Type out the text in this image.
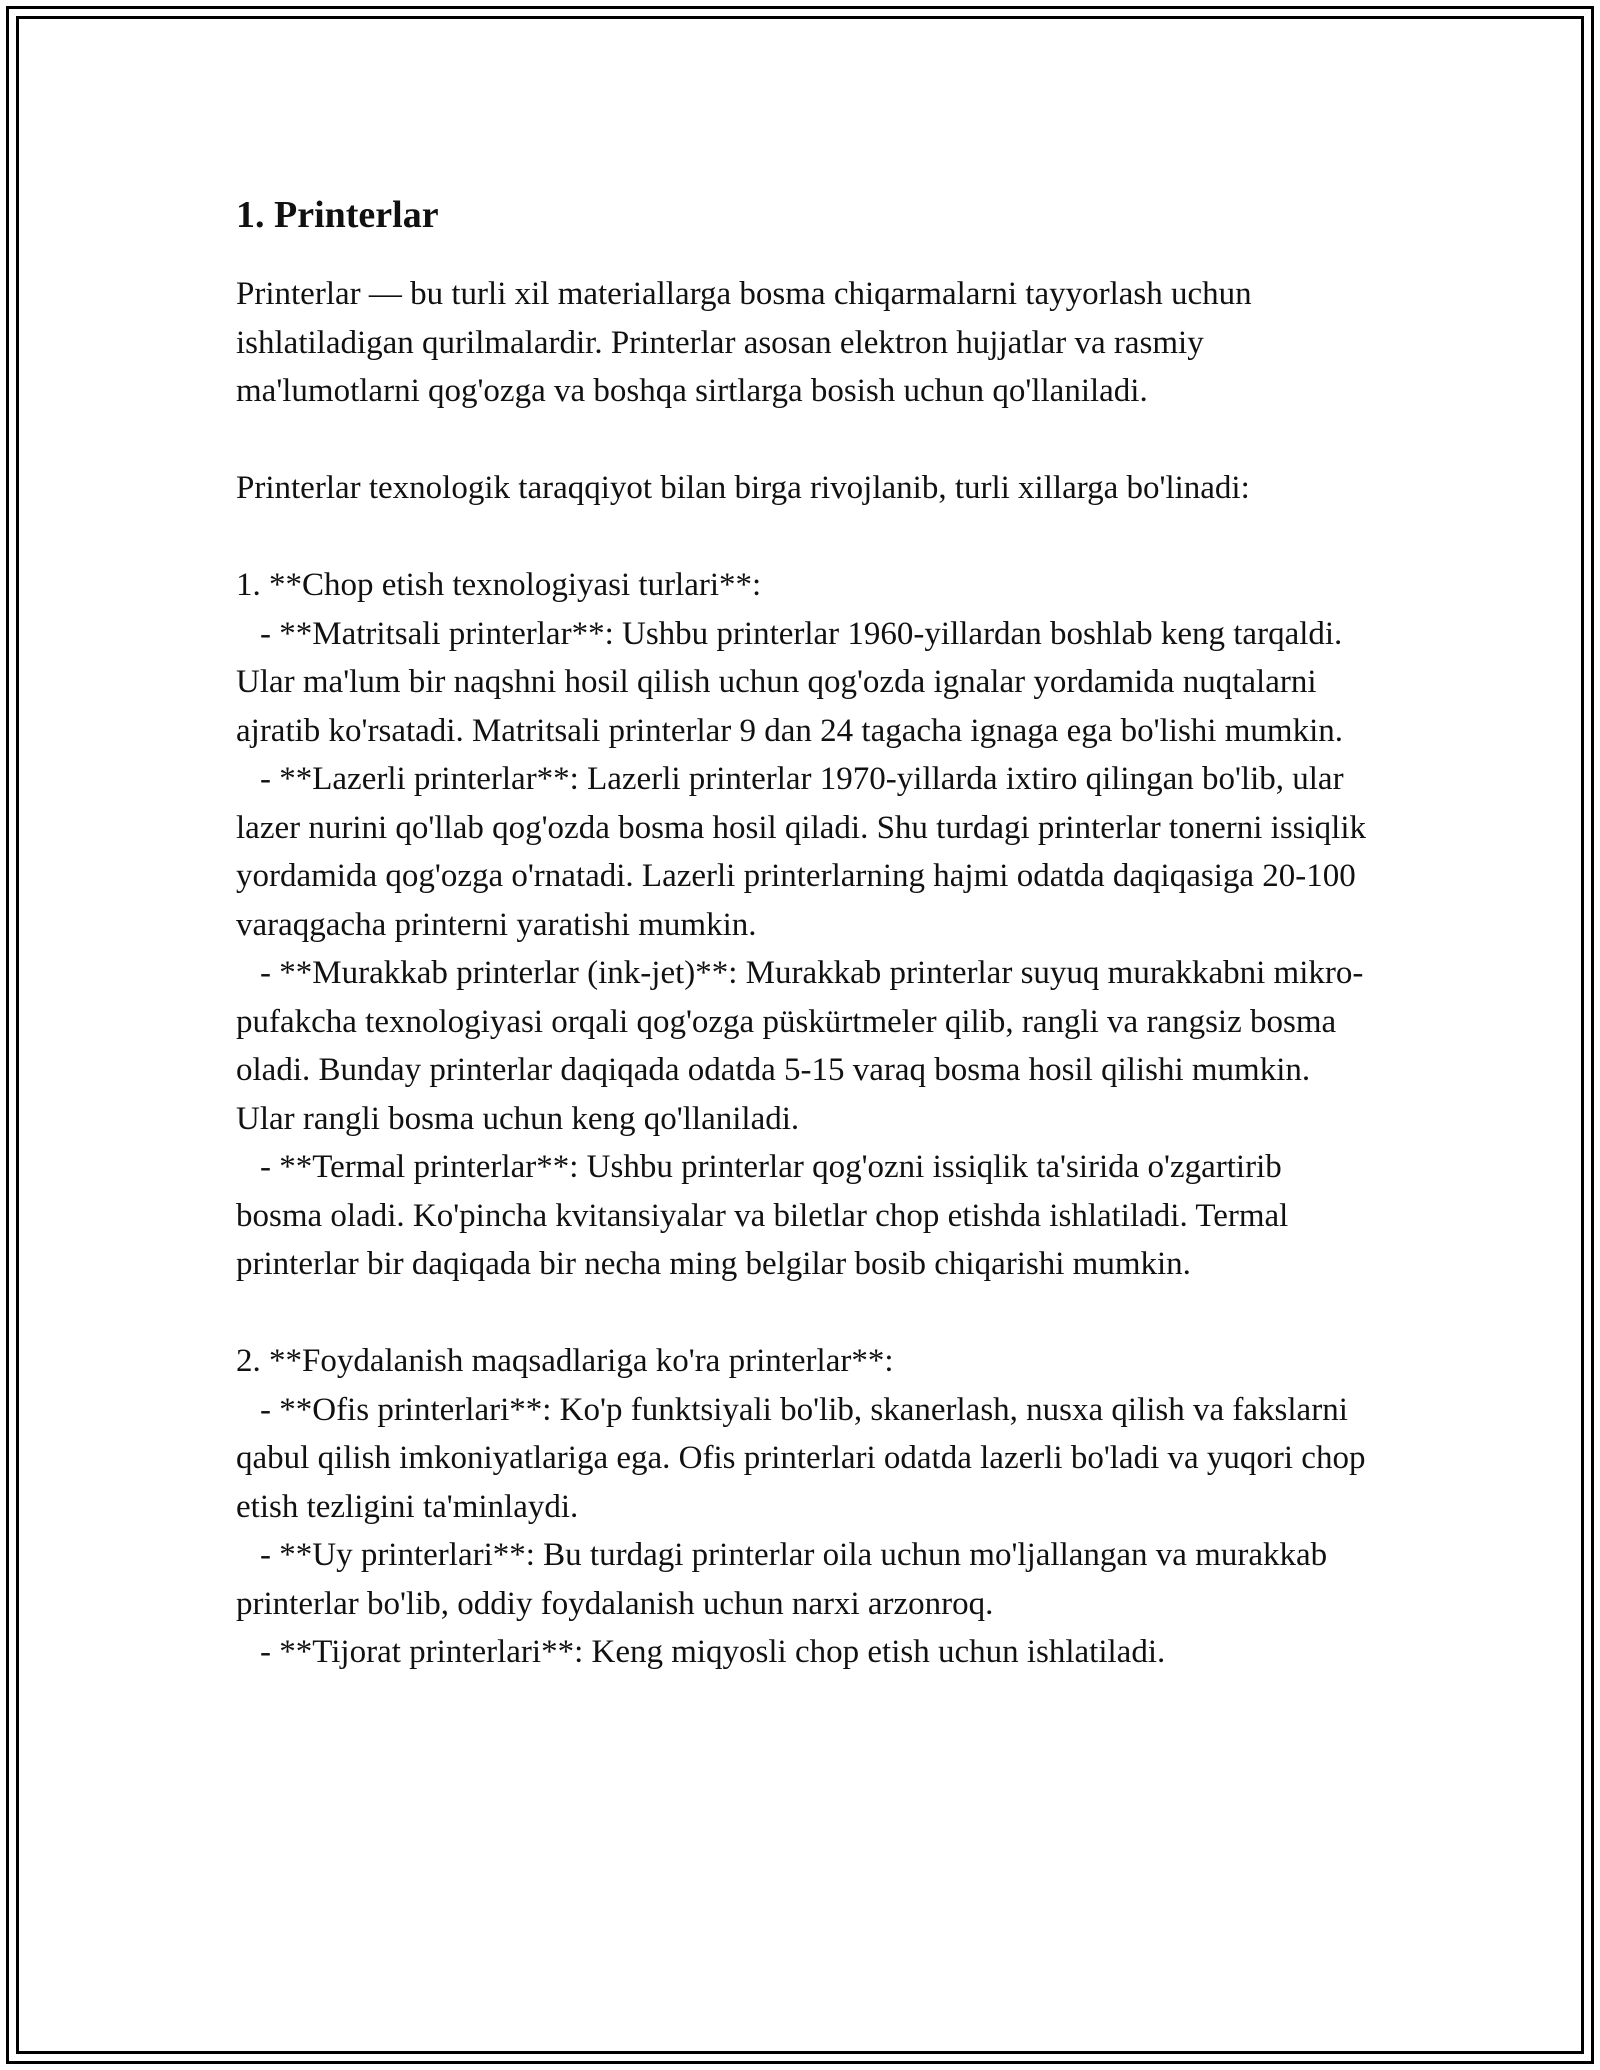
1. Printerlar

Printerlar — bu turli xil materiallarga bosma chiqarmalarni tayyorlash uchun ishlatiladigan qurilmalardir. Printerlar asosan elektron hujjatlar va rasmiy ma'lumotlarni qog'ozga va boshqa sirtlarga bosish uchun qo'llaniladi.

Printerlar texnologik taraqqiyot bilan birga rivojlanib, turli xillarga bo'linadi:

1. **Chop etish texnologiyasi turlari**:

- **Matritsali printerlar**: Ushbu printerlar 1960-yillardan boshlab keng tarqaldi. Ular ma'lum bir naqshni hosil qilish uchun qog'ozda ignalar yordamida nuqtalarni ajratib ko'rsatadi. Matritsali printerlar 9 dan 24 tagacha ignaga ega bo'lishi mumkin.

- **Lazerli printerlar**: Lazerli printerlar 1970-yillarda ixtiro qilingan bo'lib, ular lazer nurini qo'llab qog'ozda bosma hosil qiladi. Shu turdagi printerlar tonerni issiqlik yordamida qog'ozga o'rnatadi. Lazerli printerlarning hajmi odatda daqiqasiga 20-100 varaqgacha printerni yaratishi mumkin.

- **Murakkab printerlar (ink-jet)**: Murakkab printerlar suyuq murakkabni mikro-pufakcha texnologiyasi orqali qog'ozga püskürtmeler qilib, rangli va rangsiz bosma oladi. Bunday printerlar daqiqada odatda 5-15 varaq bosma hosil qilishi mumkin. Ular rangli bosma uchun keng qo'llaniladi.

- **Termal printerlar**: Ushbu printerlar qog'ozni issiqlik ta'sirida o'zgartirib bosma oladi. Ko'pincha kvitansiyalar va biletlar chop etishda ishlatiladi. Termal printerlar bir daqiqada bir necha ming belgilar bosib chiqarishi mumkin.

2. **Foydalanish maqsadlariga ko'ra printerlar**:

- **Ofis printerlari**: Ko'p funktsiyali bo'lib, skanerlash, nusxa qilish va fakslarni qabul qilish imkoniyatlariga ega. Ofis printerlari odatda lazerli bo'ladi va yuqori chop etish tezligini ta'minlaydi.

- **Uy printerlari**: Bu turdagi printerlar oila uchun mo'ljallangan va murakkab printerlar bo'lib, oddiy foydalanish uchun narxi arzonroq.

- **Tijorat printerlari**: Keng miqyosli chop etish uchun ishlatiladi.
